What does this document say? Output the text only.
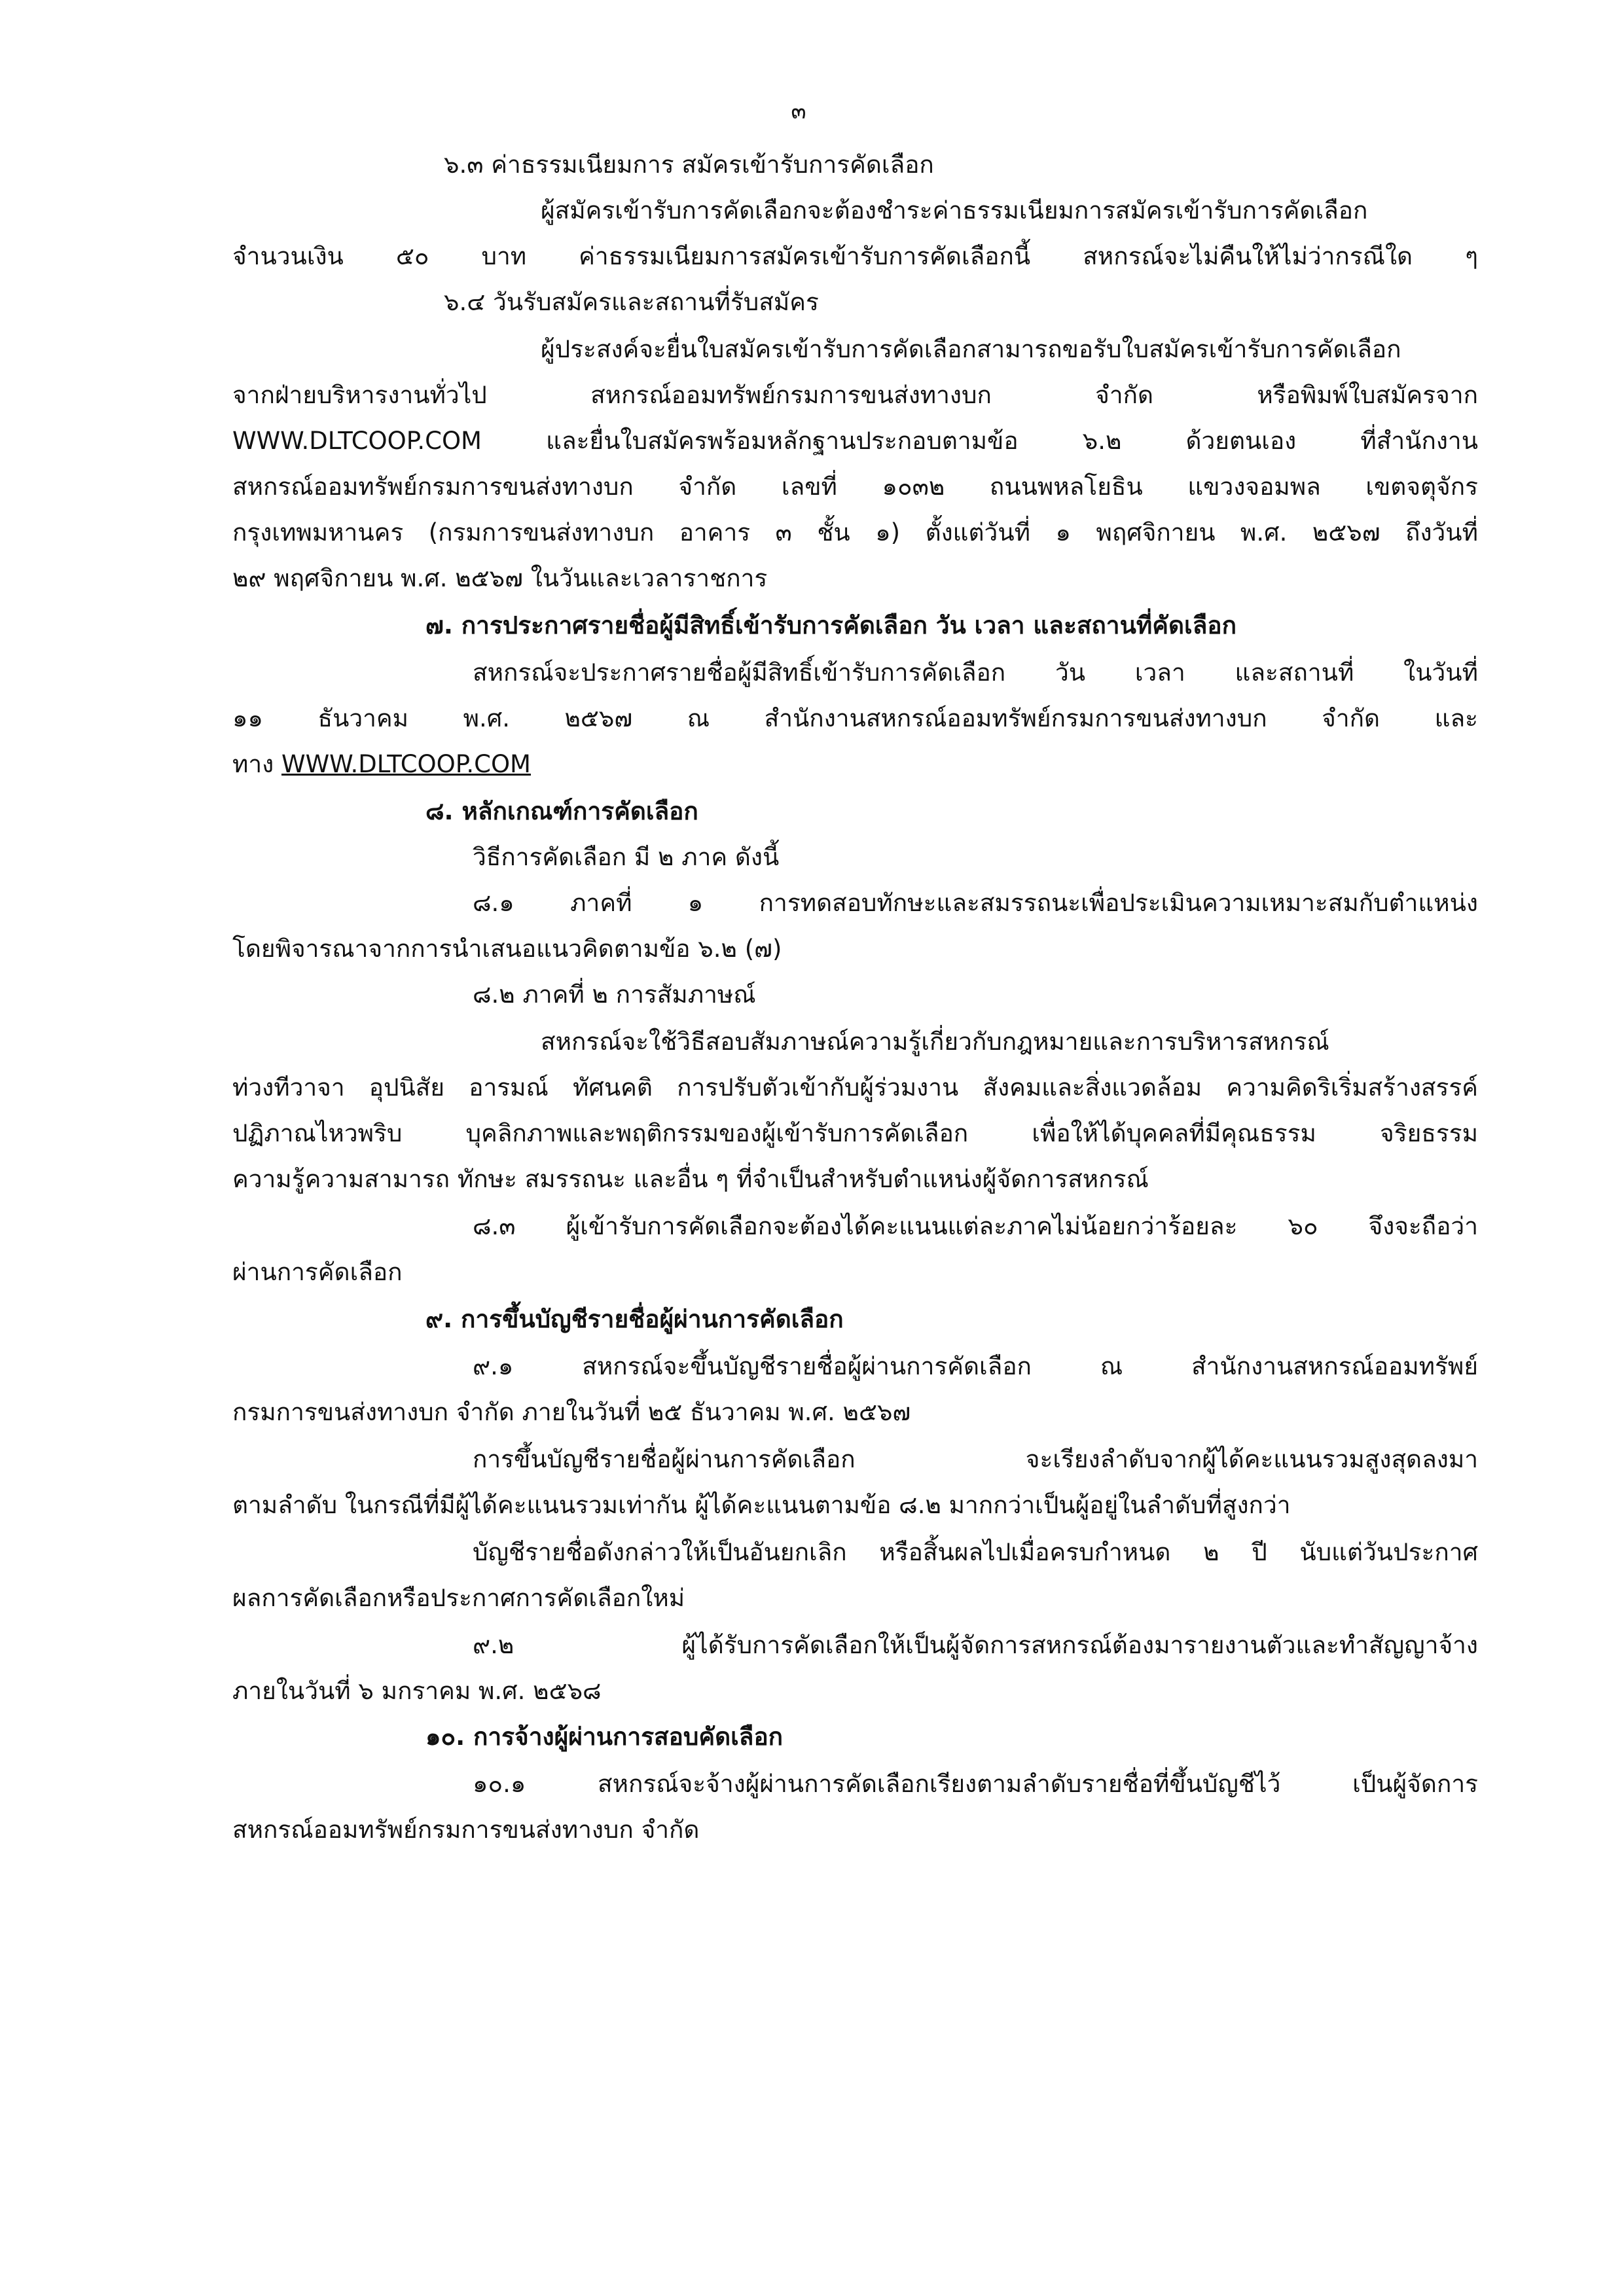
๓
๖.๓ ค่าธรรมเนียมการ สมัครเข้ารับการคัดเลือก
ผู้สมัครเข้ารับการคัดเลือกจะต้องชำระค่าธรรมเนียมการสมัครเข้ารับการคัดเลือก
จำนวนเงิน ๕๐ บาท ค่าธรรมเนียมการสมัครเข้ารับการคัดเลือกนี้ สหกรณ์จะไม่คืนให้ไม่ว่ากรณีใด ๆ
๖.๔ วันรับสมัครและสถานที่รับสมัคร
ผู้ประสงค์จะยื่นใบสมัครเข้ารับการคัดเลือกสามารถขอรับใบสมัครเข้ารับการคัดเลือก
จากฝ่ายบริหารงานทั่วไป สหกรณ์ออมทรัพย์กรมการขนส่งทางบก จำกัด หรือพิมพ์ใบสมัครจาก
WWW.DLTCOOP.COM และยื่นใบสมัครพร้อมหลักฐานประกอบตามข้อ ๖.๒ ด้วยตนเอง ที่สำนักงาน
สหกรณ์ออมทรัพย์กรมการขนส่งทางบก จำกัด เลขที่ ๑๐๓๒ ถนนพหลโยธิน แขวงจอมพล เขตจตุจักร
กรุงเทพมหานคร (กรมการขนส่งทางบก อาคาร ๓ ชั้น ๑) ตั้งแต่วันที่ ๑ พฤศจิกายน พ.ศ. ๒๕๖๗ ถึงวันที่
๒๙ พฤศจิกายน พ.ศ. ๒๕๖๗ ในวันและเวลาราชการ
๗. การประกาศรายชื่อผู้มีสิทธิ์เข้ารับการคัดเลือก วัน เวลา และสถานที่คัดเลือก
สหกรณ์จะประกาศรายชื่อผู้มีสิทธิ์เข้ารับการคัดเลือก วัน เวลา และสถานที่ ในวันที่
๑๑ ธันวาคม พ.ศ. ๒๕๖๗ ณ สำนักงานสหกรณ์ออมทรัพย์กรมการขนส่งทางบก จำกัด และ
ทาง WWW.DLTCOOP.COM
๘. หลักเกณฑ์การคัดเลือก
วิธีการคัดเลือก มี ๒ ภาค ดังนี้
๘.๑ ภาคที่ ๑ การทดสอบทักษะและสมรรถนะเพื่อประเมินความเหมาะสมกับตำแหน่ง
โดยพิจารณาจากการนำเสนอแนวคิดตามข้อ ๖.๒ (๗)
๘.๒ ภาคที่ ๒ การสัมภาษณ์
สหกรณ์จะใช้วิธีสอบสัมภาษณ์ความรู้เกี่ยวกับกฎหมายและการบริหารสหกรณ์
ท่วงทีวาจา อุปนิสัย อารมณ์ ทัศนคติ การปรับตัวเข้ากับผู้ร่วมงาน สังคมและสิ่งแวดล้อม ความคิดริเริ่มสร้างสรรค์
ปฏิภาณไหวพริบ บุคลิกภาพและพฤติกรรมของผู้เข้ารับการคัดเลือก เพื่อให้ได้บุคคลที่มีคุณธรรม จริยธรรม
ความรู้ความสามารถ ทักษะ สมรรถนะ และอื่น ๆ ที่จำเป็นสำหรับตำแหน่งผู้จัดการสหกรณ์
๘.๓ ผู้เข้ารับการคัดเลือกจะต้องได้คะแนนแต่ละภาคไม่น้อยกว่าร้อยละ ๖๐ จึงจะถือว่า
ผ่านการคัดเลือก
๙. การขึ้นบัญชีรายชื่อผู้ผ่านการคัดเลือก
๙.๑ สหกรณ์จะขึ้นบัญชีรายชื่อผู้ผ่านการคัดเลือก ณ สำนักงานสหกรณ์ออมทรัพย์
กรมการขนส่งทางบก จำกัด ภายในวันที่ ๒๕ ธันวาคม พ.ศ. ๒๕๖๗
การขึ้นบัญชีรายชื่อผู้ผ่านการคัดเลือก จะเรียงลำดับจากผู้ได้คะแนนรวมสูงสุดลงมา
ตามลำดับ ในกรณีที่มีผู้ได้คะแนนรวมเท่ากัน ผู้ได้คะแนนตามข้อ ๘.๒ มากกว่าเป็นผู้อยู่ในลำดับที่สูงกว่า
บัญชีรายชื่อดังกล่าวให้เป็นอันยกเลิก หรือสิ้นผลไปเมื่อครบกำหนด ๒ ปี นับแต่วันประกาศ
ผลการคัดเลือกหรือประกาศการคัดเลือกใหม่
๙.๒ ผู้ได้รับการคัดเลือกให้เป็นผู้จัดการสหกรณ์ต้องมารายงานตัวและทำสัญญาจ้าง
ภายในวันที่ ๖ มกราคม พ.ศ. ๒๕๖๘
๑๐. การจ้างผู้ผ่านการสอบคัดเลือก
๑๐.๑ สหกรณ์จะจ้างผู้ผ่านการคัดเลือกเรียงตามลำดับรายชื่อที่ขึ้นบัญชีไว้ เป็นผู้จัดการ
สหกรณ์ออมทรัพย์กรมการขนส่งทางบก จำกัด
